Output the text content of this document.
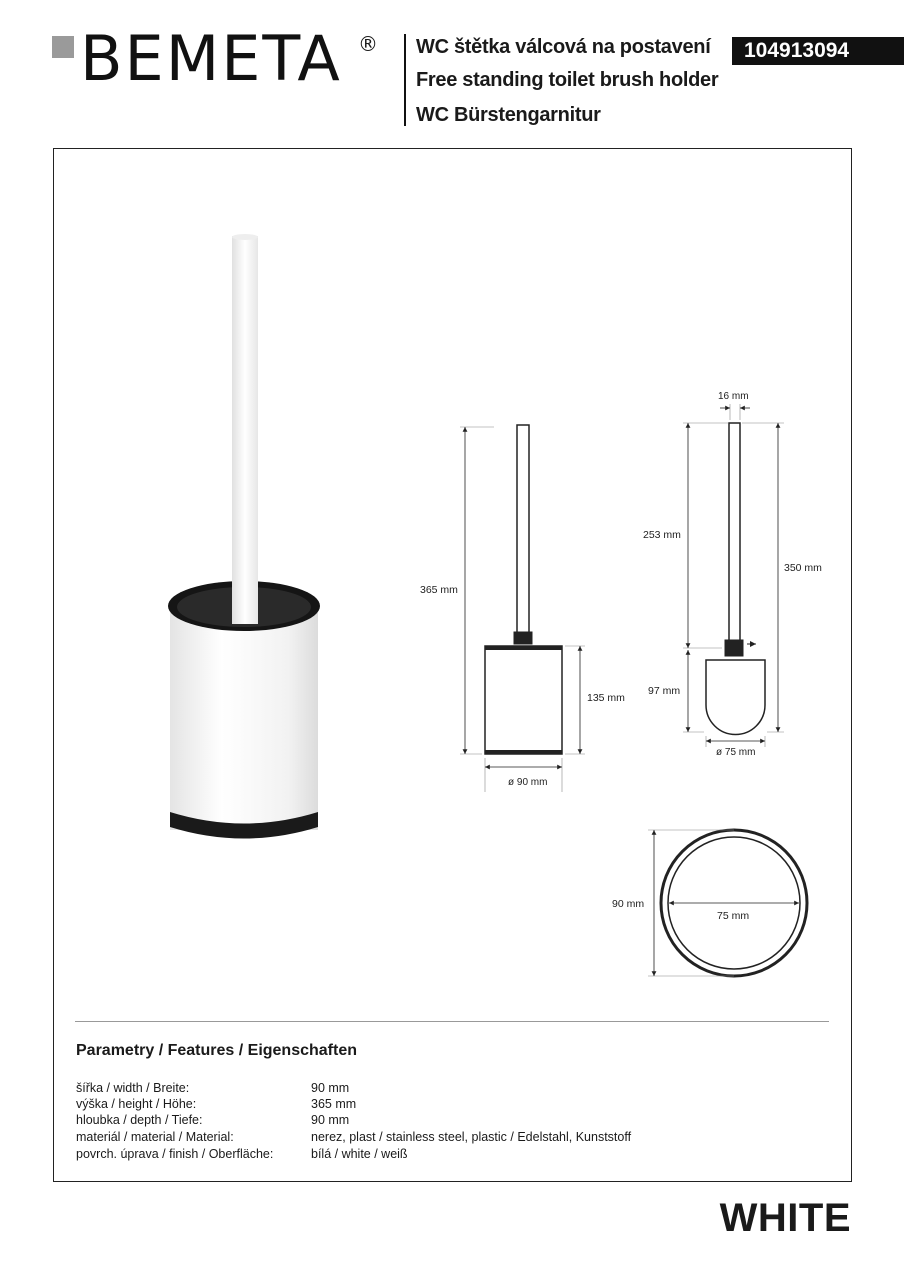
BEMETA ® WC štětka válcová na postavení
Free standing toilet brush holder
WC Bürstengarnitur
104913094
365 mm
135 mm
ø 90 mm
16 mm
253 mm
350 mm
97 mm
ø 75 mm
90 mm
75 mm
Parametry / Features / Eigenschaften
šířka / width / Breite:	90 mm
výška / height / Höhe:	365 mm
hloubka / depth / Tiefe:	90 mm
materiál / material / Material:	nerez, plast / stainless steel, plastic / Edelstahl, Kunststoff
povrch. úprava / finish / Oberfläche:	bílá / white / weiß
WHITE
